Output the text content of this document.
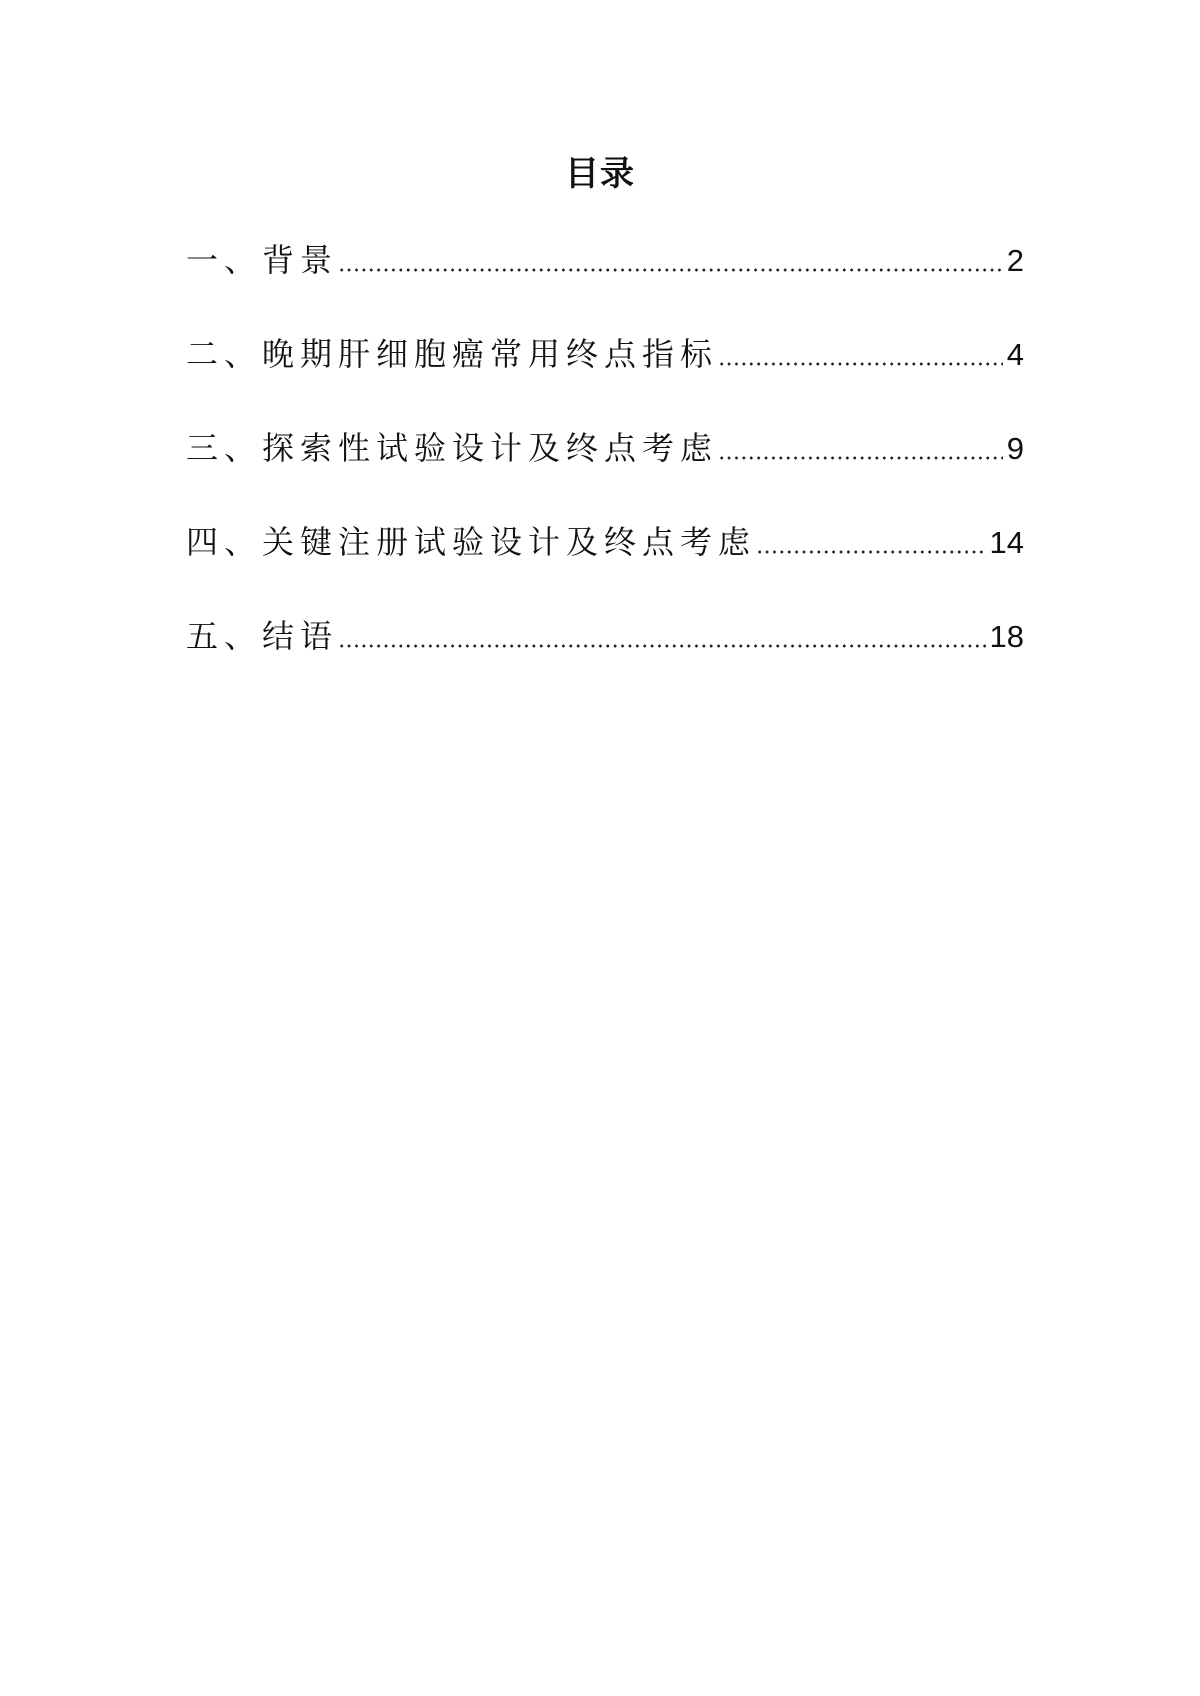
目录
一、背景	2
二、晚期肝细胞癌常用终点指标	4
三、探索性试验设计及终点考虑	9
四、关键注册试验设计及终点考虑	14
五、结语	18
